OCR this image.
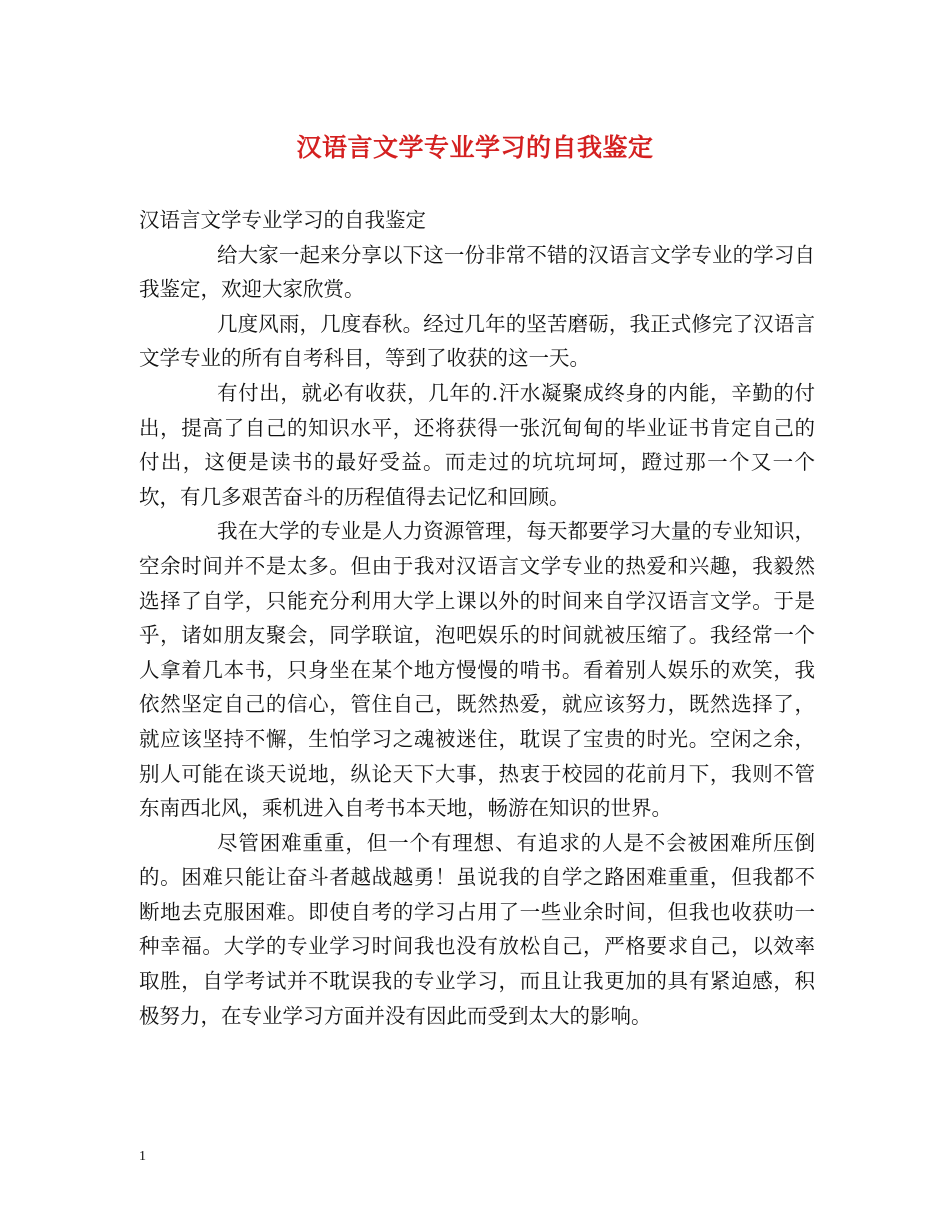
汉语言文学专业学习的自我鉴定

汉语言文学专业学习的自我鉴定

给大家一起来分享以下这一份非常不错的汉语言文学专业的学习自我鉴定，欢迎大家欣赏。

几度风雨，几度春秋。经过几年的坚苦磨砺，我正式修完了汉语言文学专业的所有自考科目，等到了收获的这一天。

有付出，就必有收获，几年的.汗水凝聚成终身的内能，辛勤的付出，提高了自己的知识水平，还将获得一张沉甸甸的毕业证书肯定自己的付出，这便是读书的最好受益。而走过的坑坑坷坷，蹬过那一个又一个坎，有几多艰苦奋斗的历程值得去记忆和回顾。

我在大学的专业是人力资源管理，每天都要学习大量的专业知识，空余时间并不是太多。但由于我对汉语言文学专业的热爱和兴趣，我毅然选择了自学，只能充分利用大学上课以外的时间来自学汉语言文学。于是乎，诸如朋友聚会，同学联谊，泡吧娱乐的时间就被压缩了。我经常一个人拿着几本书，只身坐在某个地方慢慢的啃书。看着别人娱乐的欢笑，我依然坚定自己的信心，管住自己，既然热爱，就应该努力，既然选择了，就应该坚持不懈，生怕学习之魂被迷住，耽误了宝贵的时光。空闲之余，别人可能在谈天说地，纵论天下大事，热衷于校园的花前月下，我则不管东南西北风，乘机进入自考书本天地，畅游在知识的世界。

尽管困难重重，但一个有理想、有追求的人是不会被困难所压倒的。困难只能让奋斗者越战越勇！虽说我的自学之路困难重重，但我都不断地去克服困难。即使自考的学习占用了一些业余时间，但我也收获叻一种幸福。大学的专业学习时间我也没有放松自己，严格要求自己，以效率取胜，自学考试并不耽误我的专业学习，而且让我更加的具有紧迫感，积极努力，在专业学习方面并没有因此而受到太大的影响。

1
